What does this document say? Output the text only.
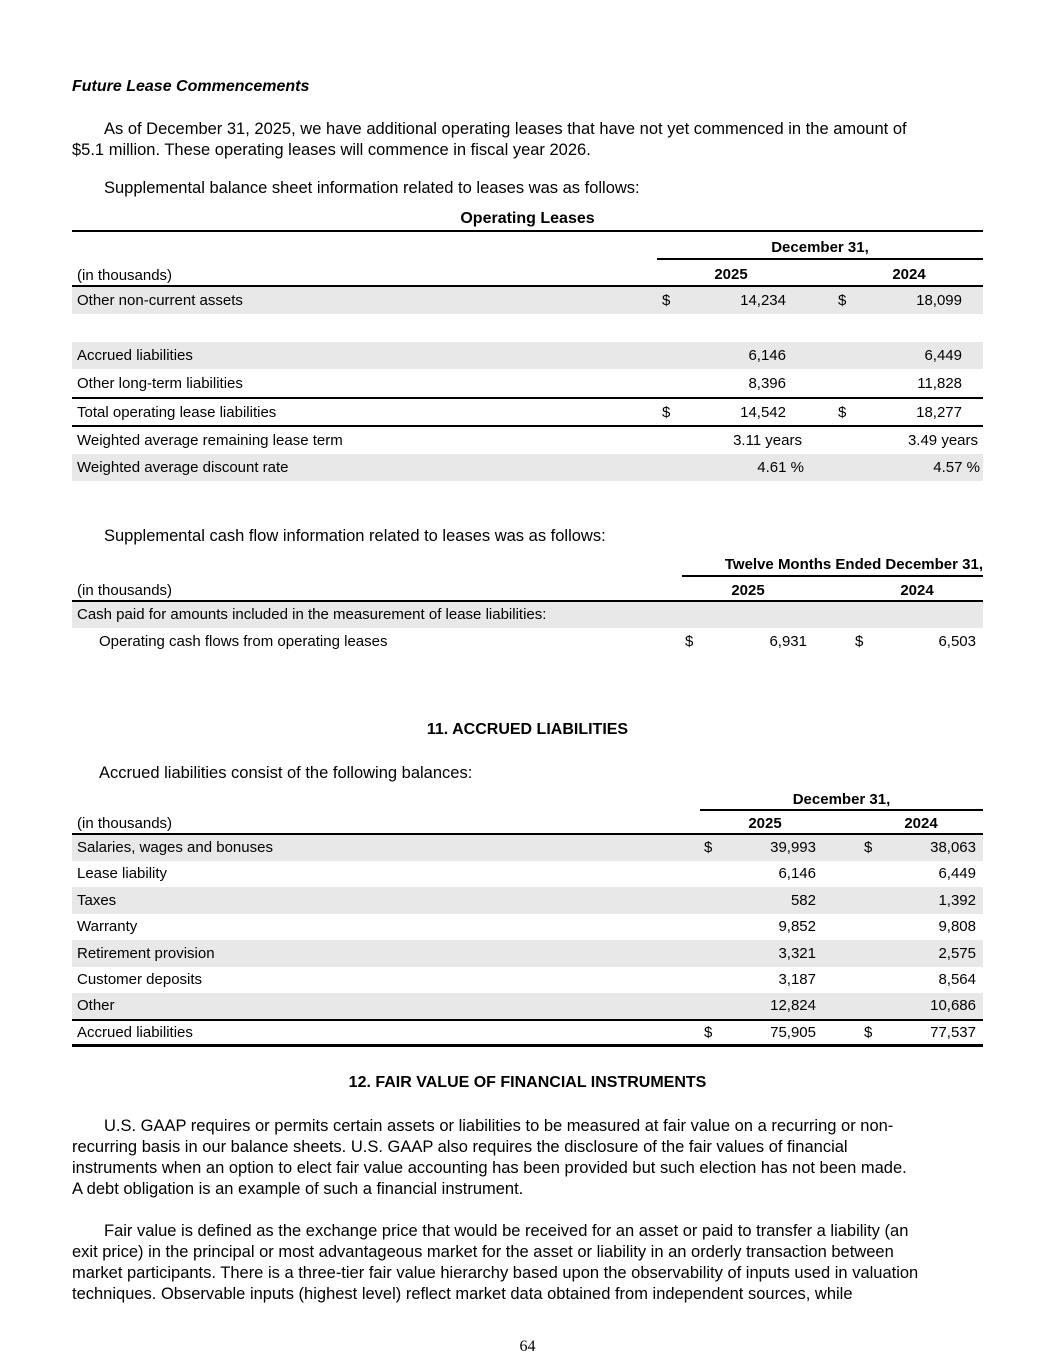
Future Lease Commencements
As of December 31, 2025, we have additional operating leases that have not yet commenced in the amount of
$5.1 million. These operating leases will commence in fiscal year 2026.
Supplemental balance sheet information related to leases was as follows:
Operating Leases
December 31,
(in thousands)	2025	2024
Other non-current assets	$	14,234	$	18,099
Accrued liabilities	6,146	6,449
Other long-term liabilities	8,396	11,828
Total operating lease liabilities	$	14,542	$	18,277
Weighted average remaining lease term	3.11 years	3.49 years
Weighted average discount rate	4.61 %	4.57 %
Supplemental cash flow information related to leases was as follows:
Twelve Months Ended December 31,
(in thousands)	2025	2024
Cash paid for amounts included in the measurement of lease liabilities:
Operating cash flows from operating leases	$	6,931	$	6,503
11. ACCRUED LIABILITIES
Accrued liabilities consist of the following balances:
December 31,
(in thousands)	2025	2024
Salaries, wages and bonuses	$	39,993	$	38,063
Lease liability	6,146	6,449
Taxes	582	1,392
Warranty	9,852	9,808
Retirement provision	3,321	2,575
Customer deposits	3,187	8,564
Other	12,824	10,686
Accrued liabilities	$	75,905	$	77,537
12. FAIR VALUE OF FINANCIAL INSTRUMENTS
U.S. GAAP requires or permits certain assets or liabilities to be measured at fair value on a recurring or non-
recurring basis in our balance sheets. U.S. GAAP also requires the disclosure of the fair values of financial
instruments when an option to elect fair value accounting has been provided but such election has not been made.
A debt obligation is an example of such a financial instrument.
Fair value is defined as the exchange price that would be received for an asset or paid to transfer a liability (an
exit price) in the principal or most advantageous market for the asset or liability in an orderly transaction between
market participants. There is a three-tier fair value hierarchy based upon the observability of inputs used in valuation
techniques. Observable inputs (highest level) reflect market data obtained from independent sources, while
64
